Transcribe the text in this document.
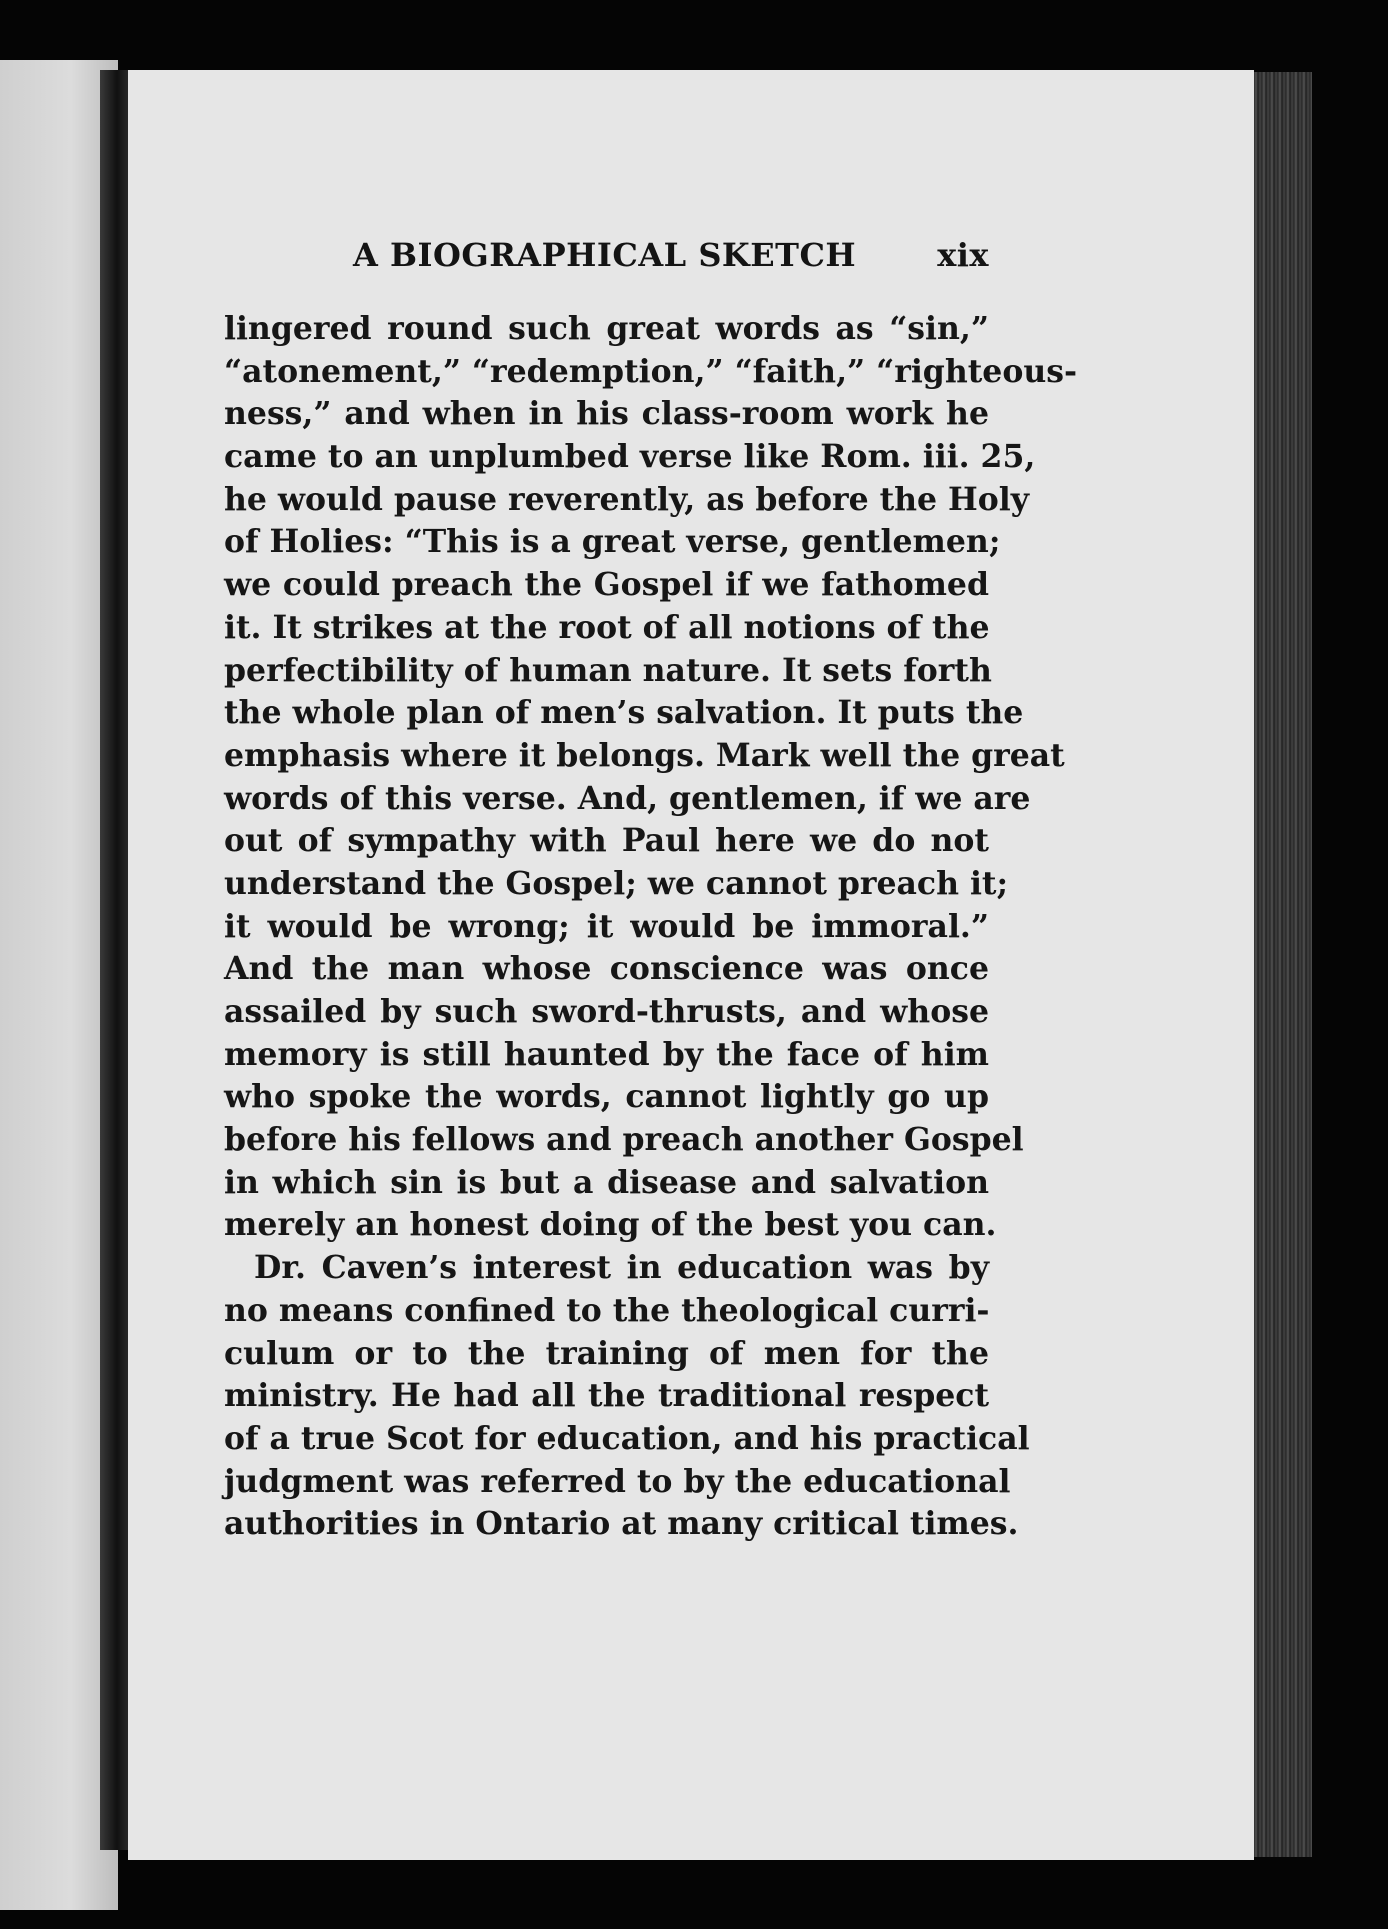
A BIOGRAPHICAL SKETCH	xix
lingered round such great words as “sin,”
“atonement,” “redemption,” “faith,” “righteous-
ness,” and when in his class-room work he
came to an unplumbed verse like Rom. iii. 25,
he would pause reverently, as before the Holy
of Holies: “This is a great verse, gentlemen;
we could preach the Gospel if we fathomed
it. It strikes at the root of all notions of the
perfectibility of human nature. It sets forth
the whole plan of men’s salvation. It puts the
emphasis where it belongs. Mark well the great
words of this verse. And, gentlemen, if we are
out of sympathy with Paul here we do not
understand the Gospel; we cannot preach it;
it would be wrong; it would be immoral.”
And the man whose conscience was once
assailed by such sword-thrusts, and whose
memory is still haunted by the face of him
who spoke the words, cannot lightly go up
before his fellows and preach another Gospel
in which sin is but a disease and salvation
merely an honest doing of the best you can.
Dr. Caven’s interest in education was by
no means confined to the theological curri-
culum or to the training of men for the
ministry. He had all the traditional respect
of a true Scot for education, and his practical
judgment was referred to by the educational
authorities in Ontario at many critical times.
